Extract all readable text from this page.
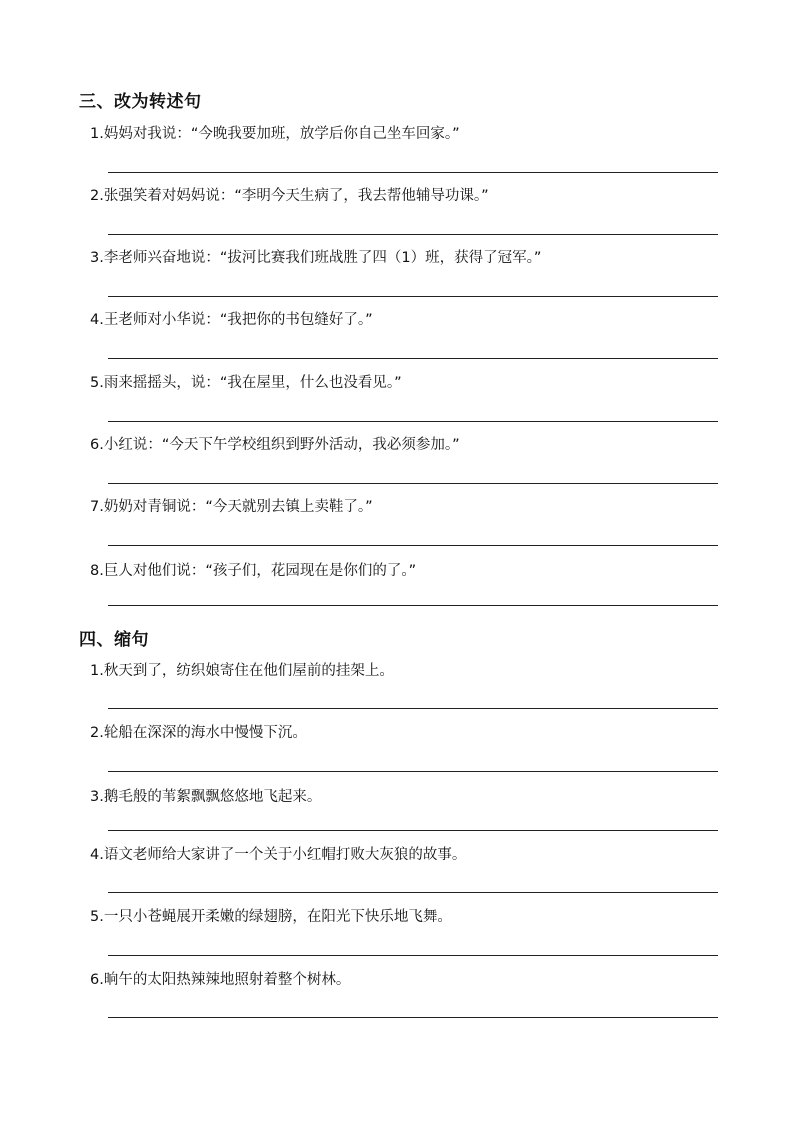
三、改为转述句
1.妈妈对我说：“今晚我要加班，放学后你自己坐车回家。”
2.张强笑着对妈妈说：“李明今天生病了，我去帮他辅导功课。”
3.李老师兴奋地说：“拔河比赛我们班战胜了四（1）班，获得了冠军。”
4.王老师对小华说：“我把你的书包缝好了。”
5.雨来摇摇头，说：“我在屋里，什么也没看见。”
6.小红说：“今天下午学校组织到野外活动，我必须参加。”
7.奶奶对青铜说：“今天就别去镇上卖鞋了。”
8.巨人对他们说：“孩子们，花园现在是你们的了。”
四、缩句
1.秋天到了，纺织娘寄住在他们屋前的挂架上。
2.轮船在深深的海水中慢慢下沉。
3.鹅毛般的苇絮飘飘悠悠地飞起来。
4.语文老师给大家讲了一个关于小红帽打败大灰狼的故事。
5.一只小苍蝇展开柔嫩的绿翅膀，在阳光下快乐地飞舞。
6.晌午的太阳热辣辣地照射着整个树林。
